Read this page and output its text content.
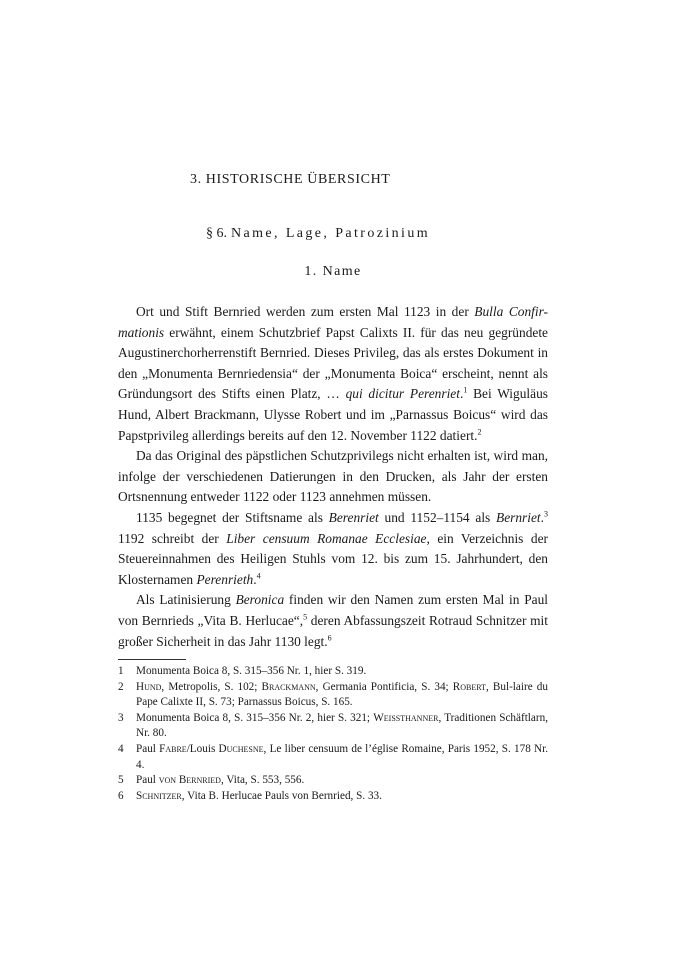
3. HISTORISCHE ÜBERSICHT
§ 6. Name, Lage, Patrozinium
1. Name

Ort und Stift Bernried werden zum ersten Mal 1123 in der Bulla Confir-mationis erwähnt, einem Schutzbrief Papst Calixts II. für das neu gegründete Augustinerchorherrenstift Bernried. Dieses Privileg, das als erstes Dokument in den „Monumenta Bernriedensia“ der „Monumenta Boica“ erscheint, nennt als Gründungsort des Stifts einen Platz, … qui dicitur Perenriet.$^1$ Bei Wiguläus Hund, Albert Brackmann, Ulysse Robert und im „Parnassus Boicus“ wird das Papstprivileg allerdings bereits auf den 12. November 1122 datiert.$^2$

Da das Original des päpstlichen Schutzprivilegs nicht erhalten ist, wird man, infolge der verschiedenen Datierungen in den Drucken, als Jahr der ersten Ortsnennung entweder 1122 oder 1123 annehmen müssen.

1135 begegnet der Stiftsname als Berenriet und 1152–1154 als Bernriet.$^3$ 1192 schreibt der Liber censuum Romanae Ecclesiae, ein Verzeichnis der Steuereinnahmen des Heiligen Stuhls vom 12. bis zum 15. Jahrhundert, den Klosternamen Perenrieth.$^4$

Als Latinisierung Beronica finden wir den Namen zum ersten Mal in Paul von Bernrieds „Vita B. Herlucae“,$^5$ deren Abfassungszeit Rotraud Schnitzer mit großer Sicherheit in das Jahr 1130 legt.$^6$

1 Monumenta Boica 8, S. 315–356 Nr. 1, hier S. 319.
2 Hund, Metropolis, S. 102; Brackmann, Germania Pontificia, S. 34; Robert, Bul-laire du Pape Calixte II, S. 73; Parnassus Boicus, S. 165.
3 Monumenta Boica 8, S. 315–356 Nr. 2, hier S. 321; Weissthanner, Traditionen Schäftlarn, Nr. 80.
4 Paul Fabre/Louis Duchesne, Le liber censuum de l’église Romaine, Paris 1952, S. 178 Nr. 4.
5 Paul von Bernried, Vita, S. 553, 556.
6 Schnitzer, Vita B. Herlucae Pauls von Bernried, S. 33.
